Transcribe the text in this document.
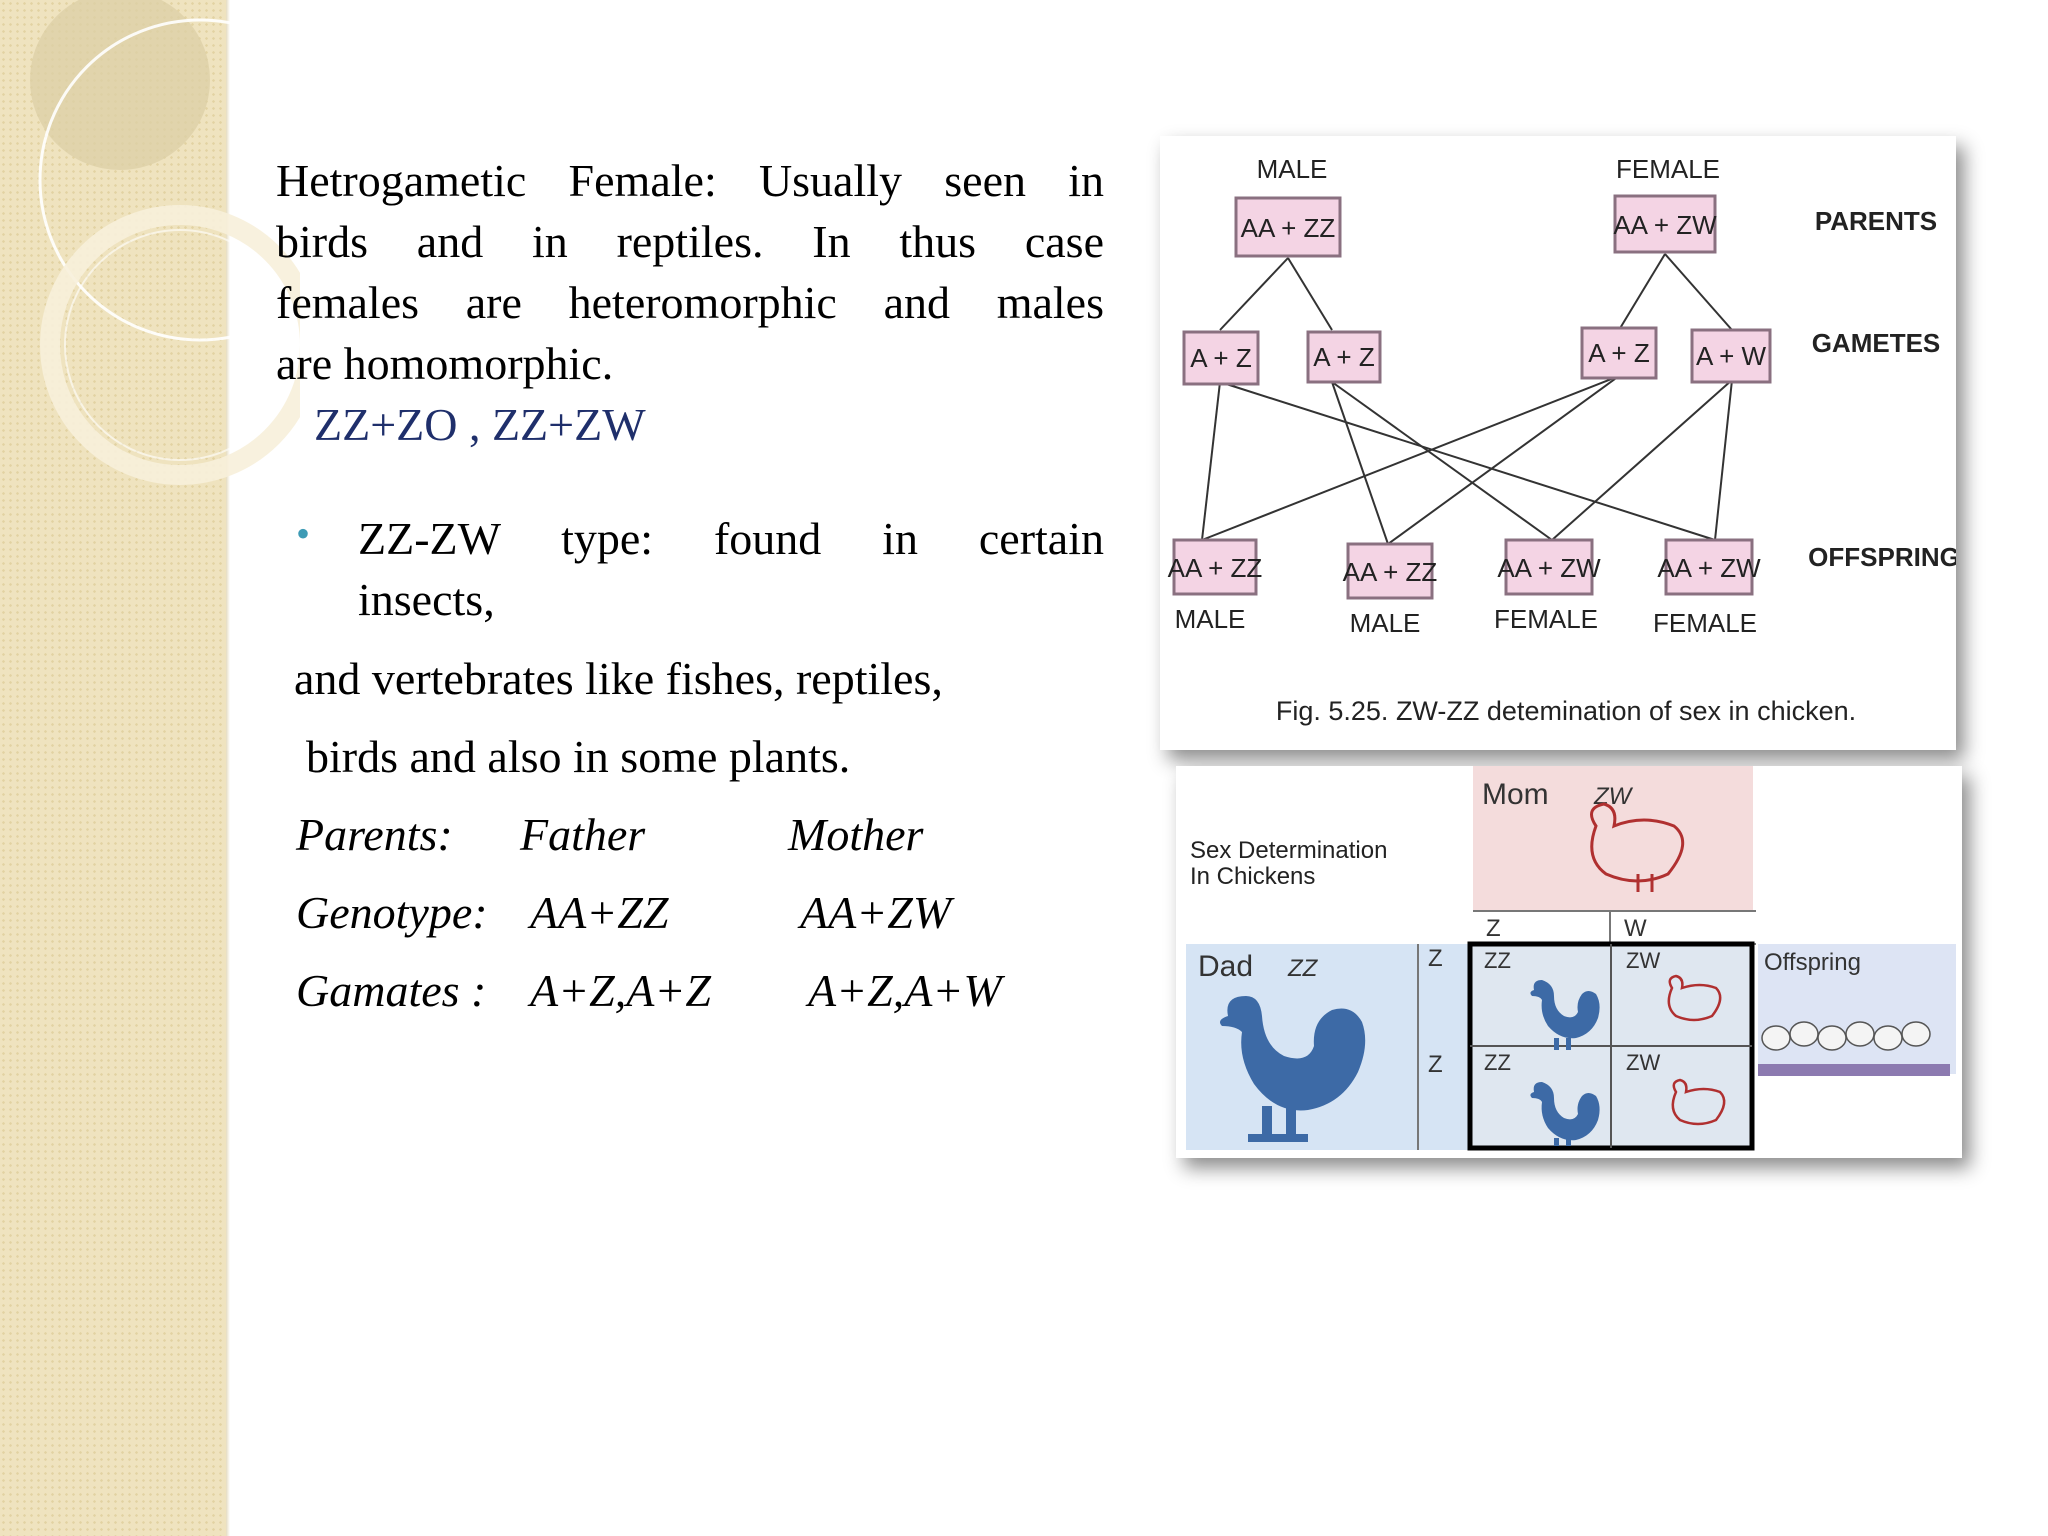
Hetrogametic Female: Usually seen in
birds and in reptiles. In thus case
females are heteromorphic and males
are homomorphic.
ZZ+ZO , ZZ+ZW
• ZZ-ZW type: found in certain
insects,
and vertebrates like fishes, reptiles,
birds and also in some plants.
Parents: Father	Mother
Genotype: AA+ZZ	AA+ZW
Gamates : A+Z,A+Z A+Z,A+W
MALE	FEMALE
AA + ZZ	AA + ZW	PARENTS
GAMETES
OFFSPRING
A + Z A + Z	A + Z A + W
AA + ZZ	AA + ZZ AA + ZW AA + ZW
MALE	MALE	FEMALE FEMALE
Fig. 5.25. ZW-ZZ detemination of sex in chicken.
Mom ZW
Sex Determination
In Chickens
Z	W
Dad ZZ	Z
Z
ZZ	ZW
ZZ	ZW
Offspring
